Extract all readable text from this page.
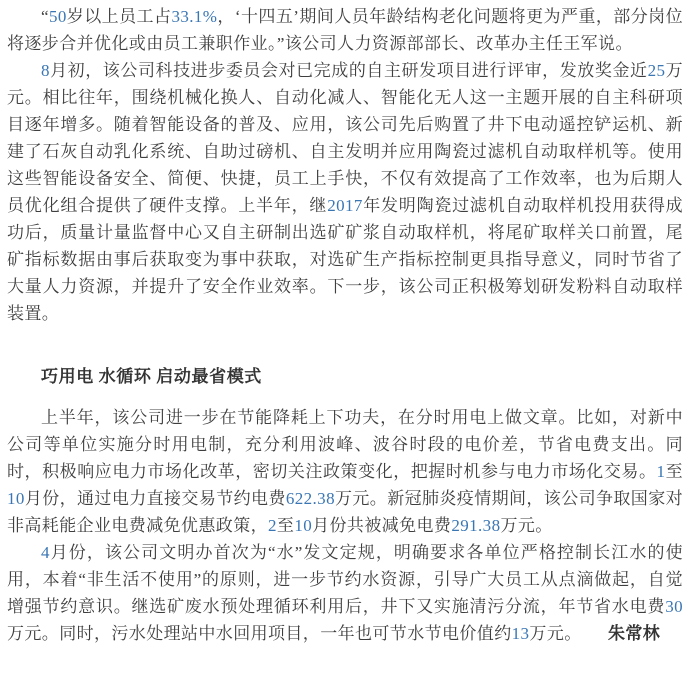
“50岁以上员工占33.1%，‘十四五’期间人员年龄结构老化问题将更为严重，部分岗位将逐步合并优化或由员工兼职作业。”该公司人力资源部部长、改革办主任王军说。

8月初，该公司科技进步委员会对已完成的自主研发项目进行评审，发放奖金近25万元。相比往年，围绕机械化换人、自动化减人、智能化无人这一主题开展的自主科研项目逐年增多。随着智能设备的普及、应用，该公司先后购置了井下电动遥控铲运机、新建了石灰自动乳化系统、自助过磅机、自主发明并应用陶瓷过滤机自动取样机等。使用这些智能设备安全、简便、快捷，员工上手快，不仅有效提高了工作效率，也为后期人员优化组合提供了硬件支撑。上半年，继2017年发明陶瓷过滤机自动取样机投用获得成功后，质量计量监督中心又自主研制出选矿矿浆自动取样机，将尾矿取样关口前置，尾矿指标数据由事后获取变为事中获取，对选矿生产指标控制更具指导意义，同时节省了大量人力资源，并提升了安全作业效率。下一步，该公司正积极筹划研发粉料自动取样装置。

巧用电 水循环 启动最省模式

上半年，该公司进一步在节能降耗上下功夫，在分时用电上做文章。比如，对新中公司等单位实施分时用电制，充分利用波峰、波谷时段的电价差，节省电费支出。同时，积极响应电力市场化改革，密切关注政策变化，把握时机参与电力市场化交易。1至10月份，通过电力直接交易节约电费622.38万元。新冠肺炎疫情期间，该公司争取国家对非高耗能企业电费减免优惠政策，2至10月份共被减免电费291.38万元。

4月份，该公司文明办首次为“水”发文定规，明确要求各单位严格控制长江水的使用，本着“非生活不使用”的原则，进一步节约水资源，引导广大员工从点滴做起，自觉增强节约意识。继选矿废水预处理循环利用后，井下又实施清污分流，年节省水电费30万元。同时，污水处理站中水回用项目，一年也可节水节电价值约13万元。　　 朱常林
